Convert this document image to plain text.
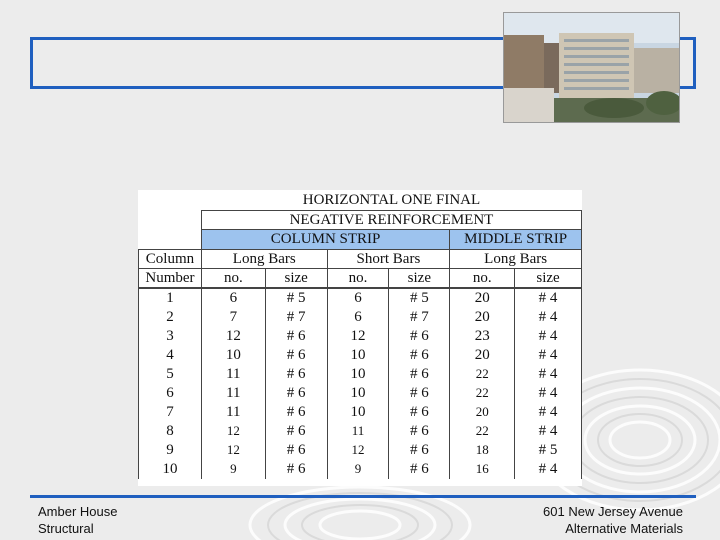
	HORIZONTAL ONE FINAL					
	NEGATIVE REINFORCEMENT					
	COLUMN STRIP				MIDDLE STRIP	
Column	Long Bars		Short Bars		Long Bars	
Number	no.	size	no.	size	no.	size
1	6	# 5	6	# 5	20	# 4
2	7	# 7	6	# 7	20	# 4
3	12	# 6	12	# 6	23	# 4
4	10	# 6	10	# 6	20	# 4
5	11	# 6	10	# 6	22	# 4
6	11	# 6	10	# 6	22	# 4
7	11	# 6	10	# 6	20	# 4
8	12	# 6	11	# 6	22	# 4
9	12	# 6	12	# 6	18	# 5
10	9	# 6	9	# 6	16	# 4
Amber House
Structural
601 New Jersey Avenue
Alternative Materials
